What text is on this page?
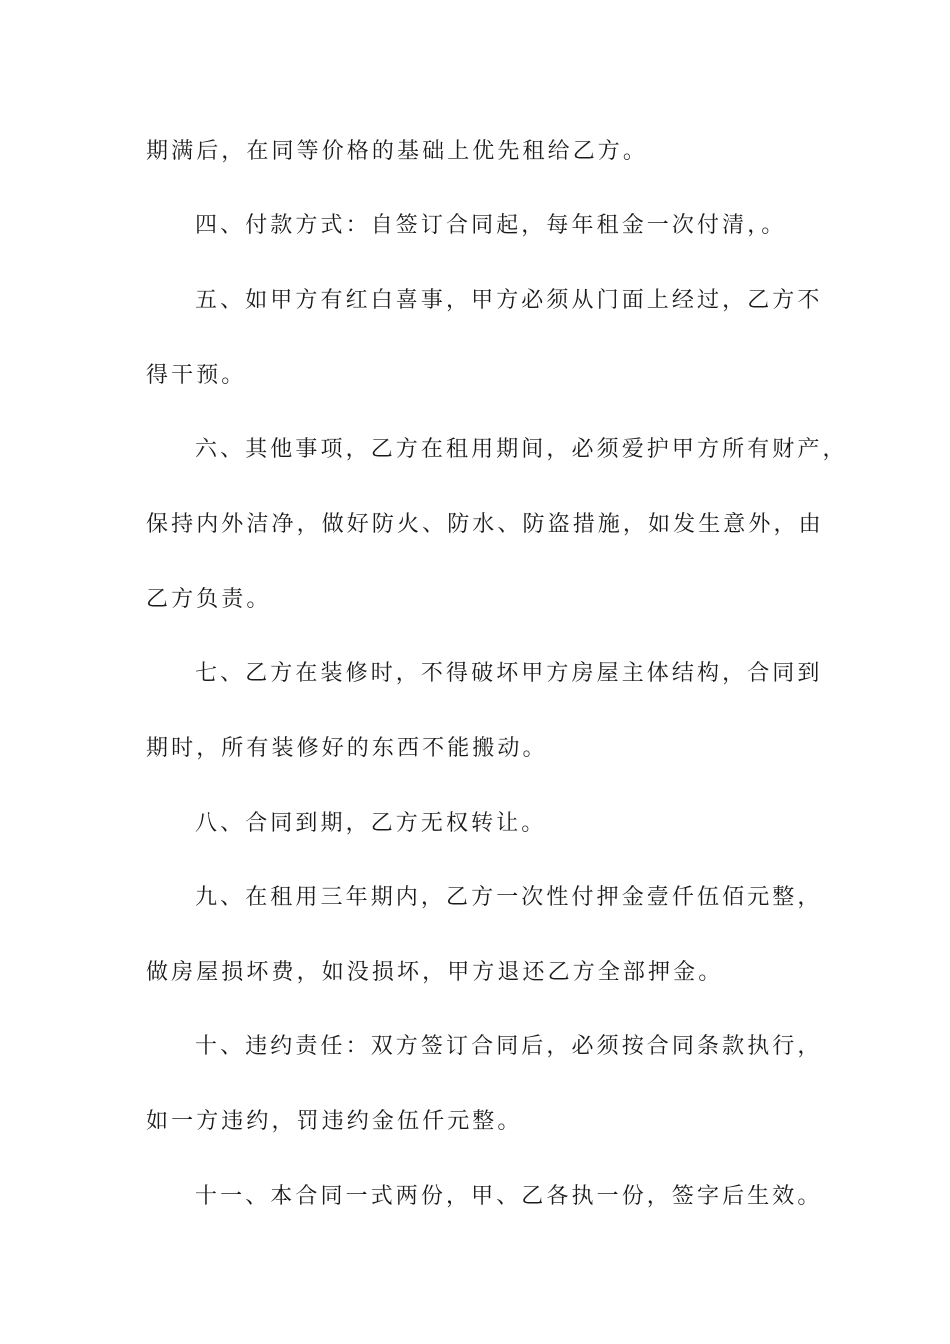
期满后，在同等价格的基础上优先租给乙方。

四、付款方式：自签订合同起，每年租金一次付清，。

五、如甲方有红白喜事，甲方必须从门面上经过，乙方不

得干预。

六、其他事项，乙方在租用期间，必须爱护甲方所有财产，

保持内外洁净，做好防火、防水、防盗措施，如发生意外，由

乙方负责。

七、乙方在装修时，不得破坏甲方房屋主体结构，合同到

期时，所有装修好的东西不能搬动。

八、合同到期，乙方无权转让。

九、在租用三年期内，乙方一次性付押金壹仟伍佰元整，

做房屋损坏费，如没损坏，甲方退还乙方全部押金。

十、违约责任：双方签订合同后，必须按合同条款执行，

如一方违约，罚违约金伍仟元整。

十一、本合同一式两份，甲、乙各执一份，签字后生效。
